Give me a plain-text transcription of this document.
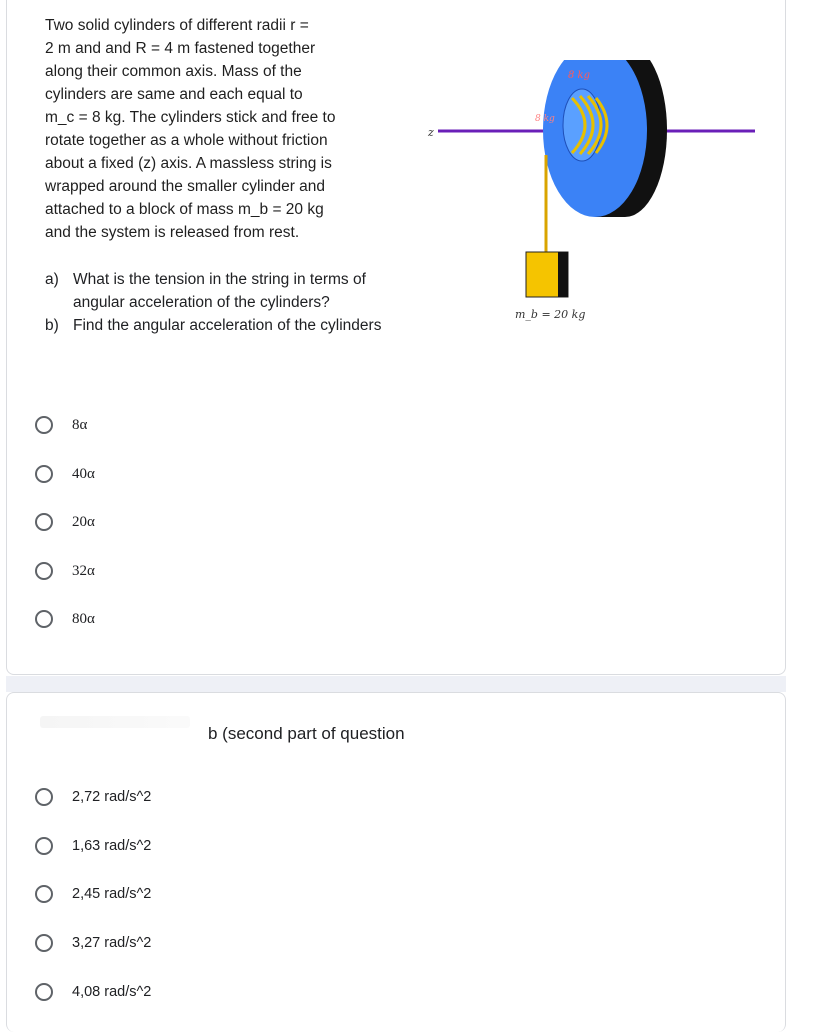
Two solid cylinders of different radii r =
2 m and and R = 4 m fastened together
along their common axis. Mass of the
cylinders are same and each equal to
m_c = 8 kg. The cylinders stick and free to
rotate together as a whole without friction
about a fixed (z) axis. A massless string is
wrapped around the smaller cylinder and
attached to a block of mass m_b = 20 kg
and the system is released from rest.
a) What is the tension in the string in terms of angular acceleration of the cylinders?
b) Find the angular acceleration of the cylinders
z
8 kg
8 kg
m_b = 20 kg
8α
40α
20α
32α
80α
b (second part of question
2,72 rad/s^2
1,63 rad/s^2
2,45 rad/s^2
3,27 rad/s^2
4,08 rad/s^2
